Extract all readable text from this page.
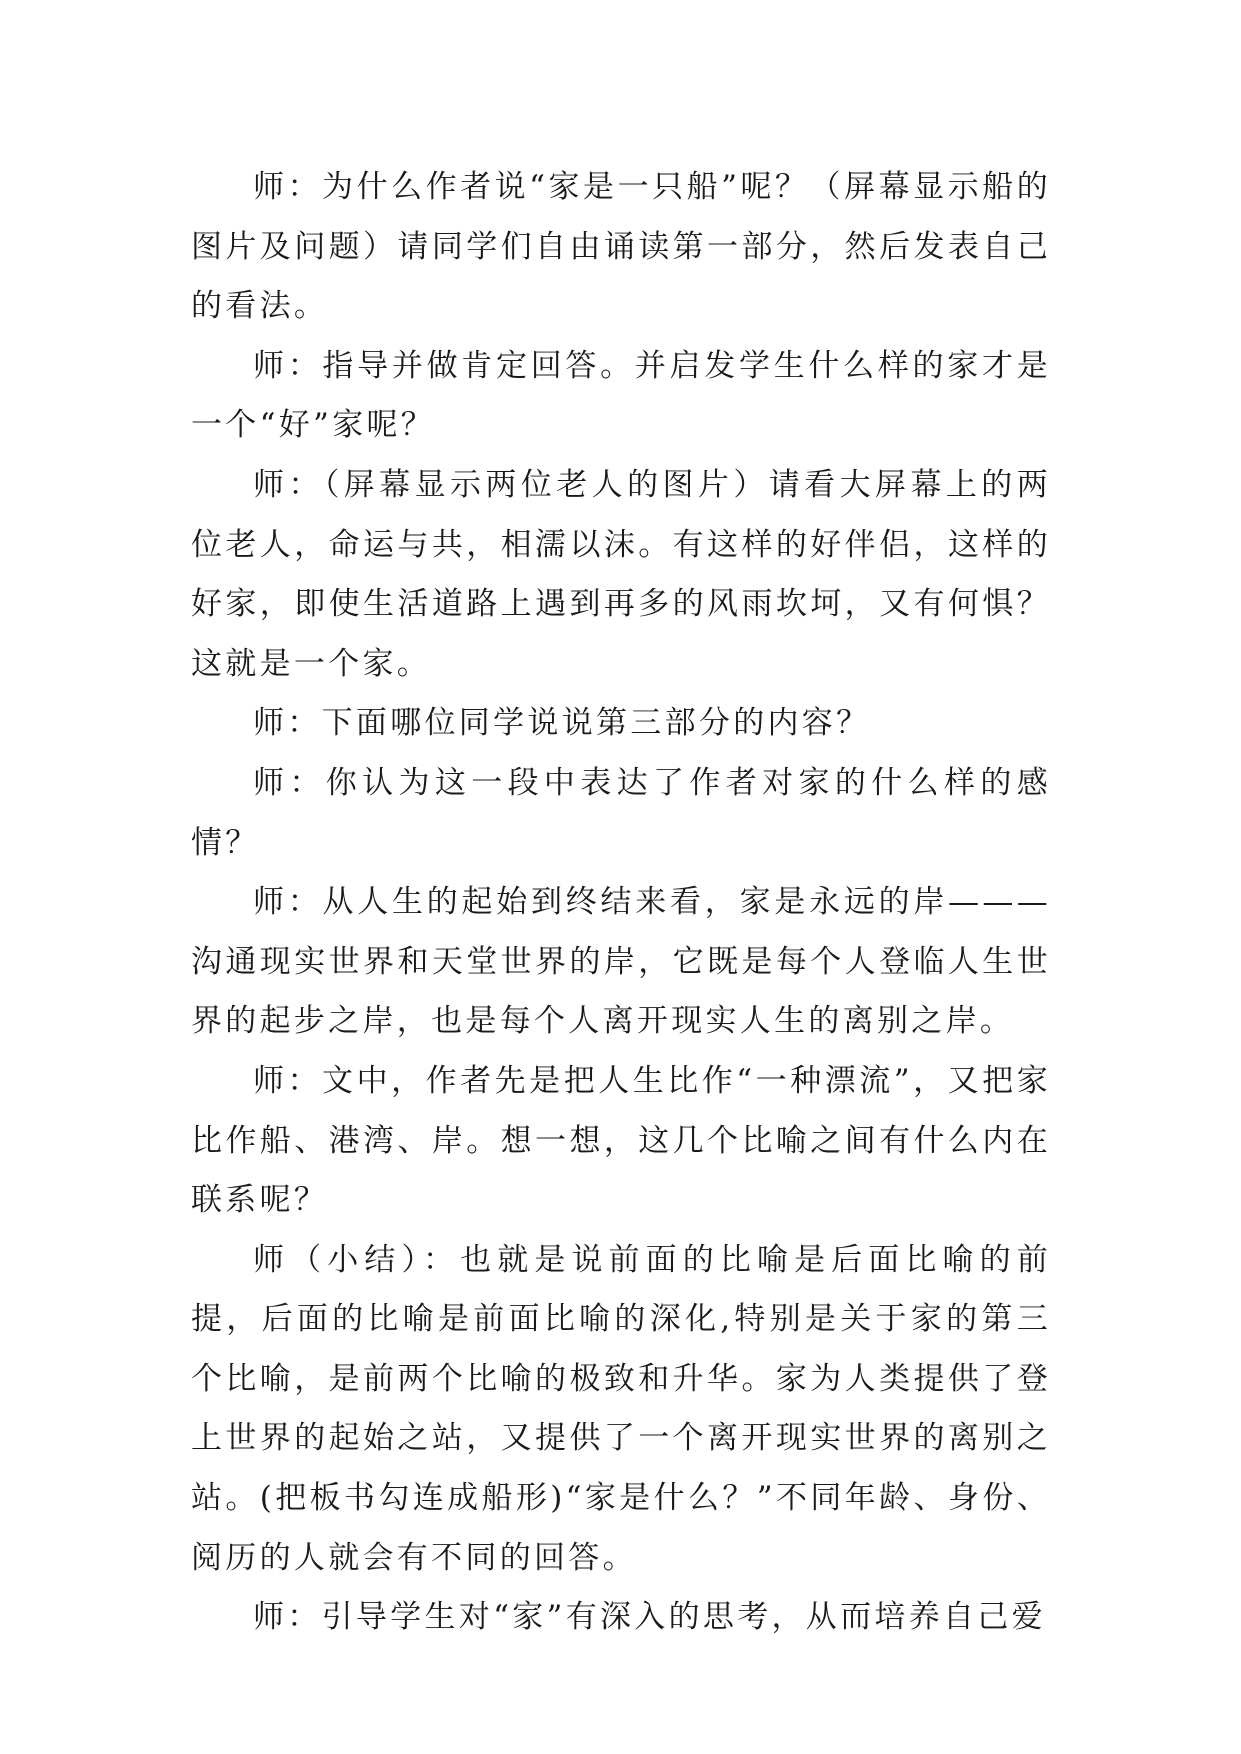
师：为什么作者说“家是一只船”呢？（屏幕显示船的图片及问题）请同学们自由诵读第一部分，然后发表自己的看法。

师：指导并做肯定回答。并启发学生什么样的家才是一个“好”家呢？

师：（屏幕显示两位老人的图片）请看大屏幕上的两位老人，命运与共，相濡以沫。有这样的好伴侣，这样的好家，即使生活道路上遇到再多的风雨坎坷，又有何惧？这就是一个家。

师：下面哪位同学说说第三部分的内容？

师：你认为这一段中表达了作者对家的什么样的感情？

师：从人生的起始到终结来看，家是永远的岸———沟通现实世界和天堂世界的岸，它既是每个人登临人生世界的起步之岸，也是每个人离开现实人生的离别之岸。

师：文中，作者先是把人生比作“一种漂流”，又把家比作船、港湾、岸。想一想，这几个比喻之间有什么内在联系呢？

师（小结）：也就是说前面的比喻是后面比喻的前提，后面的比喻是前面比喻的深化,特别是关于家的第三个比喻，是前两个比喻的极致和升华。家为人类提供了登上世界的起始之站，又提供了一个离开现实世界的离别之站。(把板书勾连成船形)“家是什么？”不同年龄、身份、阅历的人就会有不同的回答。

师：引导学生对“家”有深入的思考，从而培养自己爱
